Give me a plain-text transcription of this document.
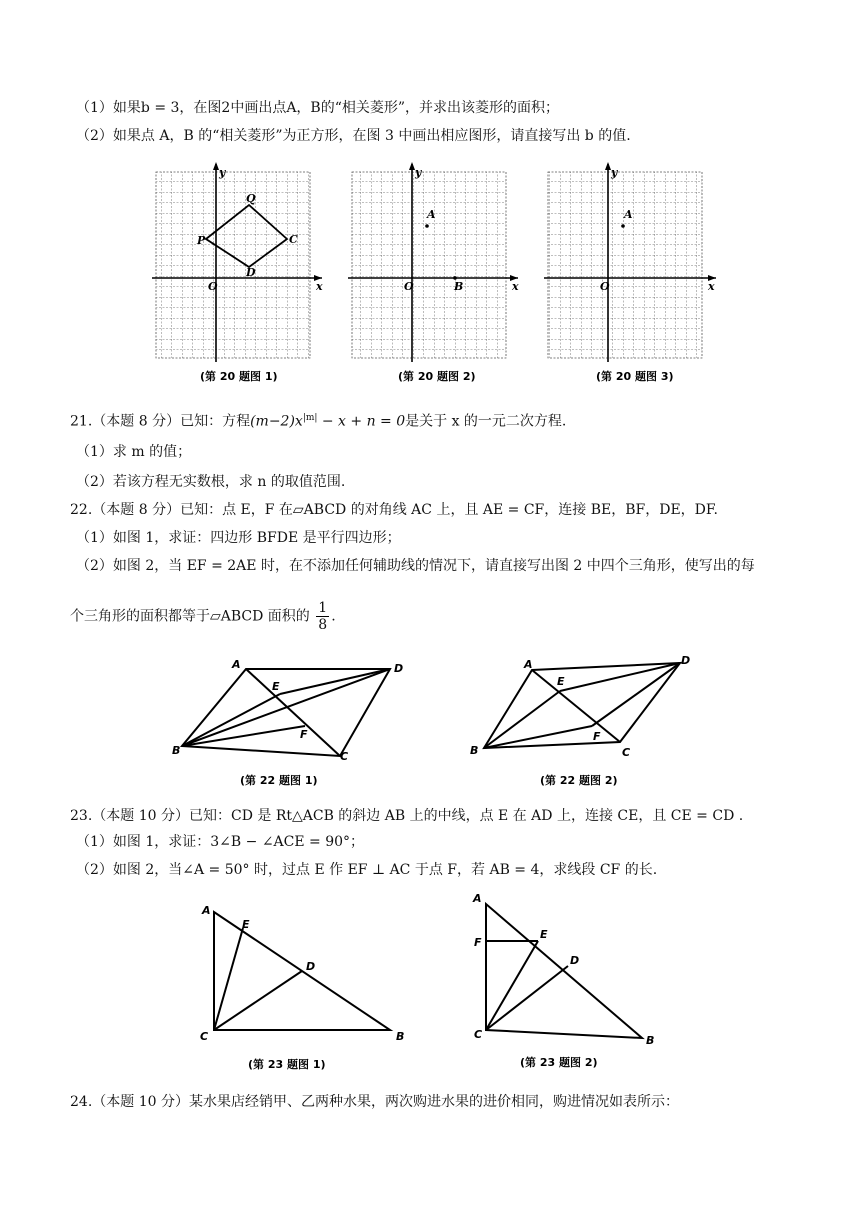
（1）如果b = 3，在图2中画出点A，B的“相关菱形”，并求出该菱形的面积；
（2）如果点 A，B 的“相关菱形”为正方形，在图 3 中画出相应图形，请直接写出 b 的值.
y
x
O
P
Q
C
D
(第 20 题图 1)
y
x
O
A
B
(第 20 题图 2)
y
x
O
A
(第 20 题图 3)
21.（本题 8 分）已知：方程$(m-2)x^{|m|} - x + n = 0$是关于 x 的一元二次方程.
（1）求 m 的值；
（2）若该方程无实数根，求 n 的取值范围.
22.（本题 8 分）已知：点 E，F 在▱ABCD 的对角线 AC 上，且 AE = CF，连接 BE，BF，DE，DF.
（1）如图 1，求证：四边形 BFDE 是平行四边形；
（2）如图 2，当 EF = 2AE 时，在不添加任何辅助线的情况下，请直接写出图 2 中四个三角形，使写出的每
个三角形的面积都等于▱ABCD 面积的 $\frac{1}{8}$ .
A	D
E
F
B	C
(第 22 题图 1)
A	D
E
F
B	C
(第 22 题图 2)
23.（本题 10 分）已知：CD 是 Rt△ACB 的斜边 AB 上的中线，点 E 在 AD 上，连接 CE，且 CE = CD .
（1）如图 1，求证：3∠B − ∠ACE = 90°；
（2）如图 2，当∠A = 50° 时，过点 E 作 EF ⊥ AC 于点 F，若 AB = 4，求线段 CF 的长.
A
E
D
C	B
(第 23 题图 1)
A
F
E
D
C	B
(第 23 题图 2)
24.（本题 10 分）某水果店经销甲、乙两种水果，两次购进水果的进价相同，购进情况如表所示：
